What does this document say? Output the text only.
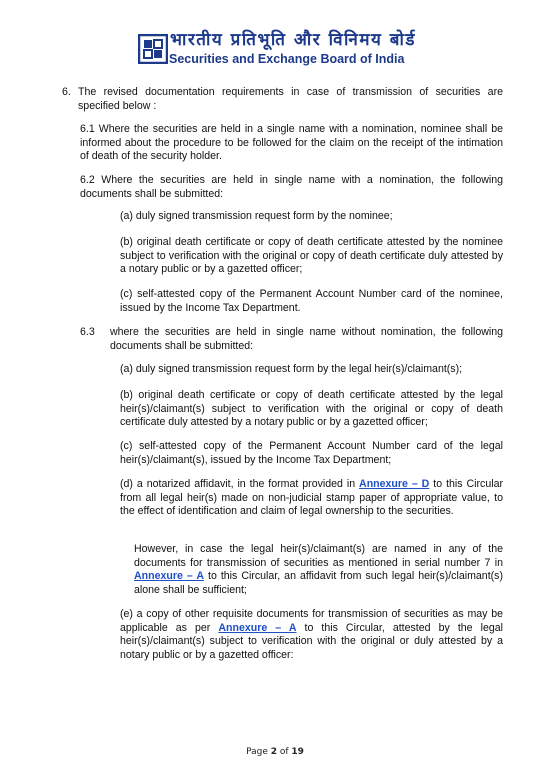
भारतीय प्रतिभूति और विनिमय बोर्ड
Securities and Exchange Board of India
6. The revised documentation requirements in case of transmission of securities are specified below :

6.1 Where the securities are held in a single name with a nomination, nominee shall be informed about the procedure to be followed for the claim on the receipt of the intimation of death of the security holder.

6.2 Where the securities are held in single name with a nomination, the following documents shall be submitted:

(a) duly signed transmission request form by the nominee;

(b) original death certificate or copy of death certificate attested by the nominee subject to verification with the original or copy of death certificate duly attested by a notary public or by a gazetted officer;

(c) self-attested copy of the Permanent Account Number card of the nominee, issued by the Income Tax Department.

6.3 where the securities are held in single name without nomination, the following documents shall be submitted:

(a) duly signed transmission request form by the legal heir(s)/claimant(s);

(b) original death certificate or copy of death certificate attested by the legal heir(s)/claimant(s) subject to verification with the original or copy of death certificate duly attested by a notary public or by a gazetted officer;

(c) self-attested copy of the Permanent Account Number card of the legal heir(s)/claimant(s), issued by the Income Tax Department;

(d) a notarized affidavit, in the format provided in Annexure – D to this Circular from all legal heir(s) made on non-judicial stamp paper of appropriate value, to the effect of identification and claim of legal ownership to the securities.

However, in case the legal heir(s)/claimant(s) are named in any of the documents for transmission of securities as mentioned in serial number 7 in Annexure – A to this Circular, an affidavit from such legal heir(s)/claimant(s) alone shall be sufficient;

(e) a copy of other requisite documents for transmission of securities as may be applicable as per Annexure – A to this Circular, attested by the legal heir(s)/claimant(s) subject to verification with the original or duly attested by a notary public or by a gazetted officer:

Page 2 of 19
